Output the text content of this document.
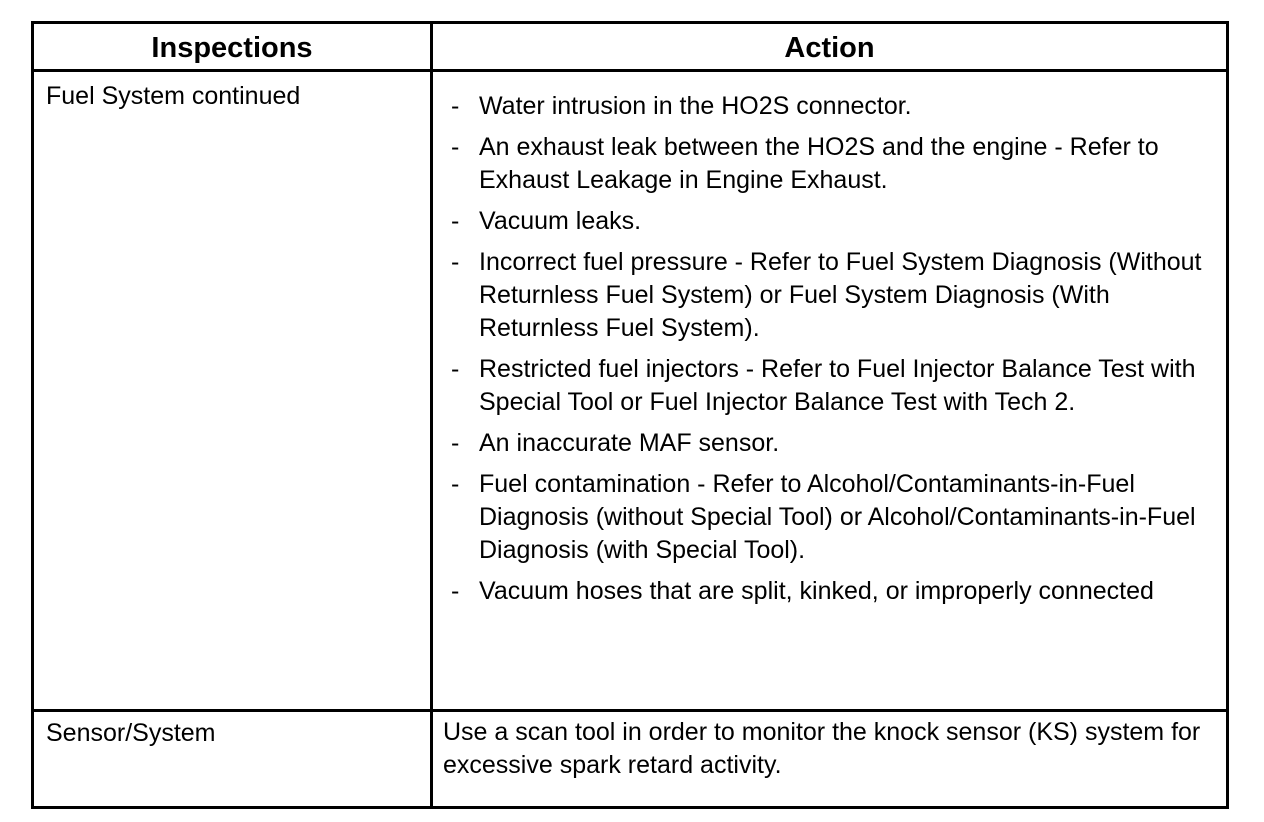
Inspections	Action
Fuel System continued
Sensor/System
- Water intrusion in the HO2S connector.
- An exhaust leak between the HO2S and the engine - Refer to Exhaust Leakage in Engine Exhaust.
- Vacuum leaks.
- Incorrect fuel pressure - Refer to Fuel System Diagnosis (Without Returnless Fuel System) or Fuel System Diagnosis (With Returnless Fuel System).
- Restricted fuel injectors - Refer to Fuel Injector Balance Test with Special Tool or Fuel Injector Balance Test with Tech 2.
- An inaccurate MAF sensor.
- Fuel contamination - Refer to Alcohol/Contaminants-in-Fuel Diagnosis (without Special Tool) or Alcohol/Contaminants-in-Fuel Diagnosis (with Special Tool).
- Vacuum hoses that are split, kinked, or improperly connected
Use a scan tool in order to monitor the knock sensor (KS) system for excessive spark retard activity.
